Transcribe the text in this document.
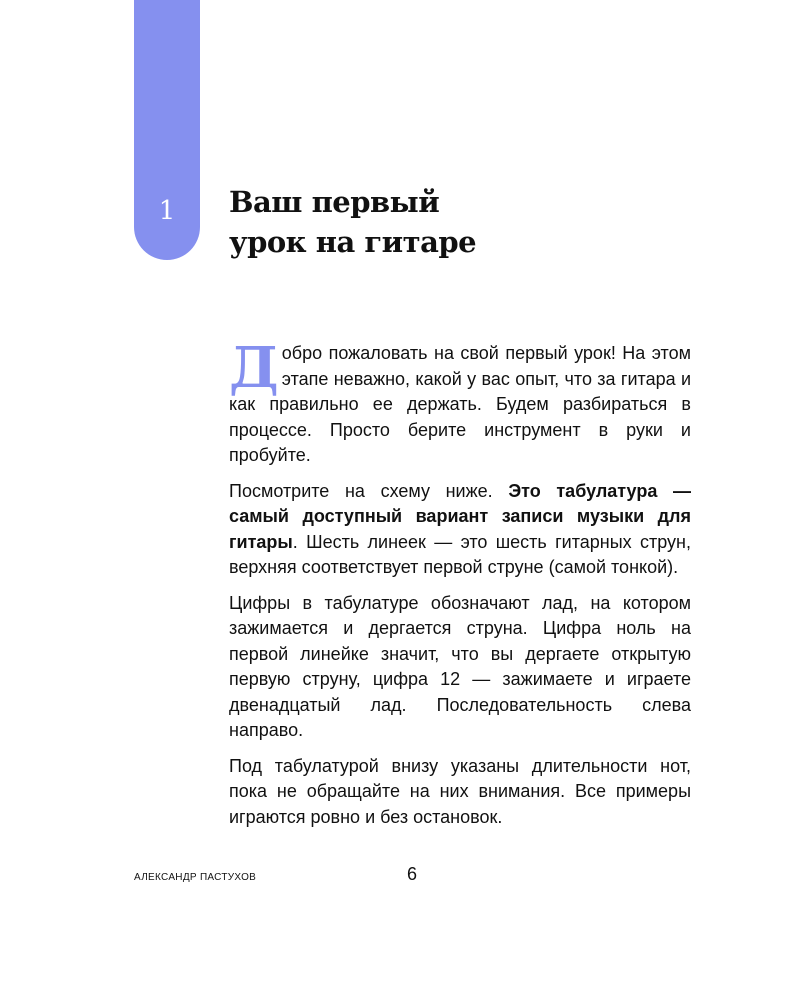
1	Ваш первый
урок на гитаре

Добро пожаловать на свой первый урок! На этом этапе неважно, какой у вас опыт, что за гитара и как правильно ее держать. Будем разбираться в процессе. Просто берите инструмент в руки и пробуйте.

Посмотрите на схему ниже. Это табулатура — самый доступный вариант записи музыки для гитары. Шесть линеек — это шесть гитарных струн, верхняя соответствует первой струне (самой тонкой).

Цифры в табулатуре обозначают лад, на котором зажимается и дергается струна. Цифра ноль на первой линейке значит, что вы дергаете открытую первую струну, цифра 12 — зажимаете и играете двенадцатый лад. Последовательность слева направо.

Под табулатурой внизу указаны длительности нот, пока не обращайте на них внимания. Все примеры играются ровно и без остановок.

АЛЕКСАНДР ПАСТУХОВ	6
